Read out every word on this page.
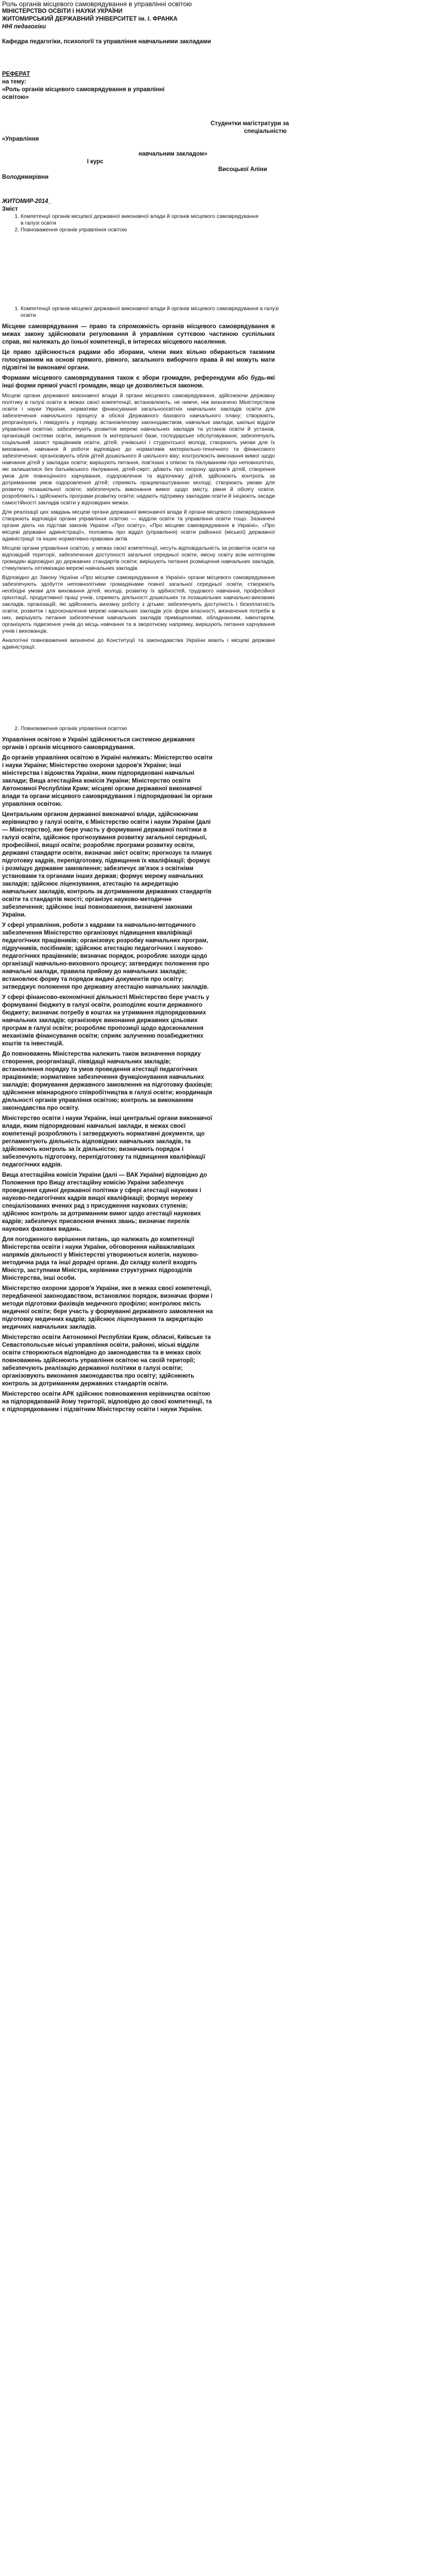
Роль органів місцевого самоврядування в управлінні освітою
МІНІСТЕРСТВО ОСВІТИ І НАУКИ УКРАЇНИ
ЖИТОМИРСЬКИЙ ДЕРЖАВНИЙ УНІВЕРСИТЕТ ім. І. ФРАНКА
ННІ педагогіки
Кафедра педагогіки, психології та управління навчальними закладами
РЕФЕРАТ
на тему:
«Роль органів місцевого самоврядування в управлінні освітою»
Студентки магістратури за
спеціальністю
«Управління
навчальним закладом»
I курс
Висоцької Аліни
Володимирівни
ЖИТОМИР-2014_
Зміст
1. Компетенції органів місцевої державної виконавчої влади й органів місцевого самоврядування в галузі освіти
2. Повноваження органів управління освітою
1. Компетенції органів місцевої державної виконавчої влади й органів місцевого самоврядування в галузі освіти

Місцеве самоврядування — право та спроможність органів місцевого самоврядування в межах закону здійснювати регулювання й управління суттєвою частиною суспільних справ, які належать до їхньої компетенції, в інтересах місцевого населення.

Це право здійснюється радами або зборами, члени яких вільно обираються таємним голосуванням на основі прямого, рівного, загального виборчого права й які можуть мати підзвітні їм виконавчі органи.

Формами місцевого самоврядування також є збори громадян, референдуми або будь-які інші форми прямої участі громадян, якщо це дозволяється законом.

Місцеві органи державної виконавчої влади й органи місцевого самоврядування, здійснюючи державну політику в галузі освіти в межах своєї компетенції, встановлюють, не нижче, ніж визначено Міністерством освіти і науки України, нормативи фінансування загальноосвітніх навчальних закладів освіти для забезпечення навчального процесу в обсязі Державного базового навчального плану; створюють, реорганізують і ліквідують у порядку, встановленому законодавством, навчальні заклади, шкільні відділи управління освітою; забезпечують розвиток мережі навчальних закладів та установ освіти й установ, організацій системи освіти, зміцнення їх матеріальної бази, господарське обслуговування; забезпечують соціальний захист працівників освіти, дітей, учнівської і студентської молоді, створюють умови для їх виховання, навчання й роботи відповідно до нормативів матеріально-технічного та фінансового забезпечення; організовують облік дітей дошкільного й шкільного віку; контролюють виконання вимог щодо навчання дітей у закладах освіти; вирішують питання, пов'язані з опікою та піклуванням про неповнолітніх, які залишилися без батьківського піклування, дітей-сиріт; дбають про охорону здоров'я дітей, створення умов для повноцінного харчування, оздоровлення та відпочинку дітей, здійснюють контроль за дотриманням умов оздоровлення дітей; сприяють працевлаштуванню молоді; створюють умови для розвитку позашкільної освіти; забезпечують виконання вимог щодо змісту, рівня й обсягу освіти; розробляють і здійснюють програми розвитку освіти; надають підтримку закладам освіти й ініціюють засади самостійності закладів освіти у відповідних межах.

Для реалізації цих завдань місцеві органи державної виконавчої влади й органи місцевого самоврядування створюють відповідні органи управління освітою — відділи освіти та управління освіти тощо. Зазначені органи діють на підставі законів України «Про освіту», «Про місцеве самоврядування в Україні», «Про місцеві державні адміністрації», положень про відділ (управління) освіти районної (міської) державної адміністрації та інших нормативно-правових актів.

Місцеві органи управління освітою, у межах своєї компетенції, несуть відповідальність за розвиток освіти на відповідній території, забезпечення доступності загальної середньої освіти, якісну освіту всім категоріям громадян відповідно до державних стандартів освіти; вирішують питання розміщення навчальних закладів, стимулюють оптимізацію мережі навчальних закладів.

Відповідно до Закону України «Про місцеве самоврядування в Україні» органи місцевого самоврядування забезпечують здобуття неповнолітніми громадянами повної загальної середньої освіти, створюють необхідні умови для виховання дітей, молоді, розвитку їх здібностей, трудового навчання, професійної орієнтації, продуктивної праці учнів, сприяють діяльності дошкільних та позашкільних навчально-виховних закладів, організацій, які здійснюють виховну роботу з дітьми; забезпечують доступність і безоплатність освіти, розвиток і вдосконалення мережі навчальних закладів усіх форм власності, визначення потреби в них, вирішують питання забезпечення навчальних закладів приміщеннями, обладнанням, інвентарем, організують підвезення учнів до місць навчання та в зворотному напрямку, вирішують питання харчування учнів і вихованців.

Аналогічні повноваження визначені до Конституції та законодавства України мають і місцеві державні адміністрації.

2. Повноваження органів управління освітою

Управління освітою в Україні здійснюється системою державних органів і органів місцевого самоврядування.

До органів управління освітою в Україні належать: Міністерство освіти і науки України; Міністерство охорони здоров'я України; інші міністерства і відомства України, яким підпорядковані навчальні заклади; Вища атестаційна комісія України; Міністерство освіти Автономної Республіки Крим; місцеві органи державної виконавчої влади та органи місцевого самоврядування і підпорядковані їм органи управління освітою.

Центральним органом державної виконавчої влади, здійснюючим керівництво у галузі освіти, є Міністерство освіти і науки України (далі — Міністерство), яке бере участь у формуванні державної політики в галузі освіти, здійснює прогнозування розвитку загальної середньої, професійної, вищої освіти; розробляє програми розвитку освіти, державні стандарти освіти, визначає зміст освіти; прогнозує та планує підготовку кадрів, перепідготовку, підвищення їх кваліфікації; формує і розміщує державне замовлення; забезпечує зв'язок з освітніми установами та органами інших держав; формує мережу навчальних закладів; здійснює ліцензування, атестацію та акредитацію навчальних закладів, контроль за дотриманням державних стандартів освіти та стандартів якості; організує науково-методичне забезпечення; здійснює інші повноваження, визначені законами України.

У сфері управління, роботи з кадрами та навчально-методичного забезпечення Міністерство організовує підвищення кваліфікації педагогічних працівників; організовує розробку навчальних програм, підручників, посібників; здійснює атестацію педагогічних і науково-педагогічних працівників; визначає порядок, розробляє заходи щодо організації навчально-виховного процесу; затверджує положення про навчальні заклади, правила прийому до навчальних закладів; встановлює форму та порядок видачі документів про освіту; затверджує положення про державну атестацію навчальних закладів.

У сфері фінансово-економічної діяльності Міністерство бере участь у формуванні бюджету в галузі освіти, розподіляє кошти державного бюджету; визначає потребу в коштах на утримання підпорядкованих навчальних закладів; організовує виконання державних цільових програм в галузі освіти; розробляє пропозиції щодо вдосконалення механізмів фінансування освіти; сприяє залученню позабюджетних коштів та інвестицій.

До повноважень Міністерства належить також визначення порядку створення, реорганізації, ліквідації навчальних закладів; встановлення порядку та умов проведення атестації педагогічних працівників; нормативне забезпечення функціонування навчальних закладів; формування державного замовлення на підготовку фахівців; здійснення міжнародного співробітництва в галузі освіти; координація діяльності органів управління освітою; контроль за виконанням законодавства про освіту.

Міністерство освіти і науки України, інші центральні органи виконавчої влади, яким підпорядковані навчальні заклади, в межах своєї компетенції розробляють і затверджують нормативні документи, що регламентують діяльність відповідних навчальних закладів, та здійснюють контроль за їх діяльністю; визначають порядок і забезпечують підготовку, перепідготовку та підвищення кваліфікації педагогічних кадрів.

Вища атестаційна комісія України (далі — ВАК України) відповідно до Положення про Вищу атестаційну комісію України забезпечує проведення єдиної державної політики у сфері атестації наукових і науково-педагогічних кадрів вищої кваліфікації; формує мережу спеціалізованих вчених рад з присудження наукових ступенів; здійснює контроль за дотриманням вимог щодо атестації наукових кадрів; забезпечує присвоєння вчених звань; визначає перелік наукових фахових видань.

Для погодженого вирішення питань, що належать до компетенції Міністерства освіти і науки України, обговорення найважливіших напрямів діяльності у Міністерстві утворюються колегія, науково-методична рада та інші дорадчі органи. До складу колегії входять Міністр, заступники Міністра, керівники структурних підрозділів Міністерства, інші особи.

Міністерство охорони здоров'я України, яке в межах своєї компетенції, передбаченої законодавством, встановлює порядок, визначає форми і методи підготовки фахівців медичного профілю; контролює якість медичної освіти; бере участь у формуванні державного замовлення на підготовку медичних кадрів; здійснює ліцензування та акредитацію медичних навчальних закладів.

Міністерство освіти Автономної Республіки Крим, обласні, Київське та Севастопольське міські управління освіти, районні, міські відділи освіти створюються відповідно до законодавства та в межах своїх повноважень здійснюють управління освітою на своїй території; забезпечують реалізацію державної політики в галузі освіти; організовують виконання законодавства про освіту; здійснюють контроль за дотриманням державних стандартів освіти.

Міністерство освіти АРК здійснює повноваження керівництва освітою на підпорядкованій йому території, відповідно до своєї компетенції, та є підпорядкованим і підзвітним Міністерству освіти і науки України.
